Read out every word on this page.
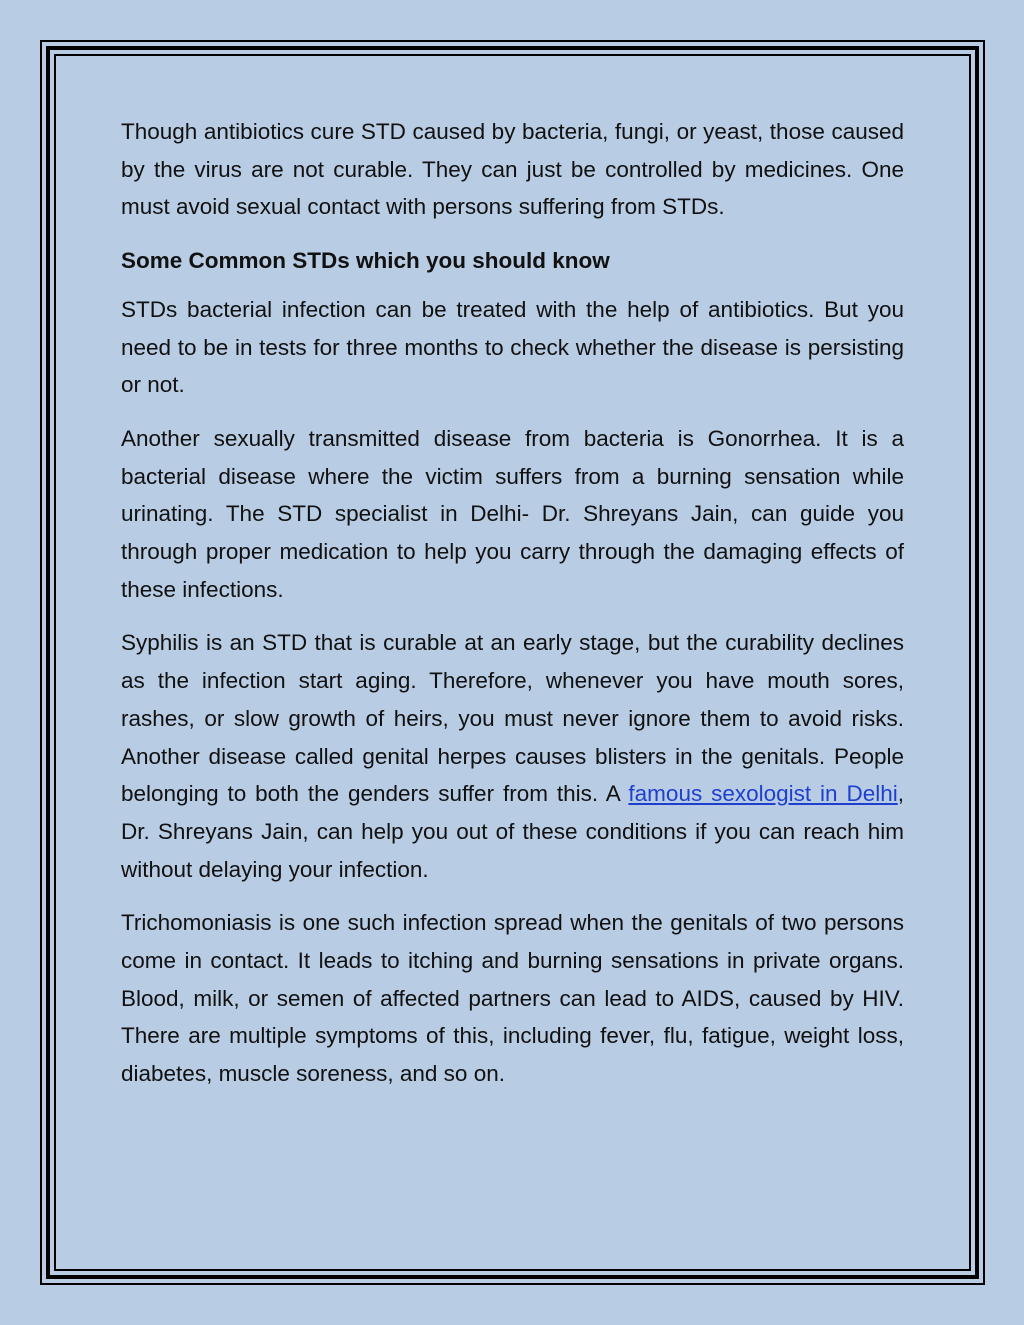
Though antibiotics cure STD caused by bacteria, fungi, or yeast, those caused by the virus are not curable. They can just be controlled by medicines. One must avoid sexual contact with persons suffering from STDs.

Some Common STDs which you should know

STDs bacterial infection can be treated with the help of antibiotics. But you need to be in tests for three months to check whether the disease is persisting or not.

Another sexually transmitted disease from bacteria is Gonorrhea. It is a bacterial disease where the victim suffers from a burning sensation while urinating. The STD specialist in Delhi- Dr. Shreyans Jain, can guide you through proper medication to help you carry through the damaging effects of these infections.

Syphilis is an STD that is curable at an early stage, but the curability declines as the infection start aging. Therefore, whenever you have mouth sores, rashes, or slow growth of heirs, you must never ignore them to avoid risks. Another disease called genital herpes causes blisters in the genitals. People belonging to both the genders suffer from this. A famous sexologist in Delhi, Dr. Shreyans Jain, can help you out of these conditions if you can reach him without delaying your infection.

Trichomoniasis is one such infection spread when the genitals of two persons come in contact. It leads to itching and burning sensations in private organs. Blood, milk, or semen of affected partners can lead to AIDS, caused by HIV. There are multiple symptoms of this, including fever, flu, fatigue, weight loss, diabetes, muscle soreness, and so on.
